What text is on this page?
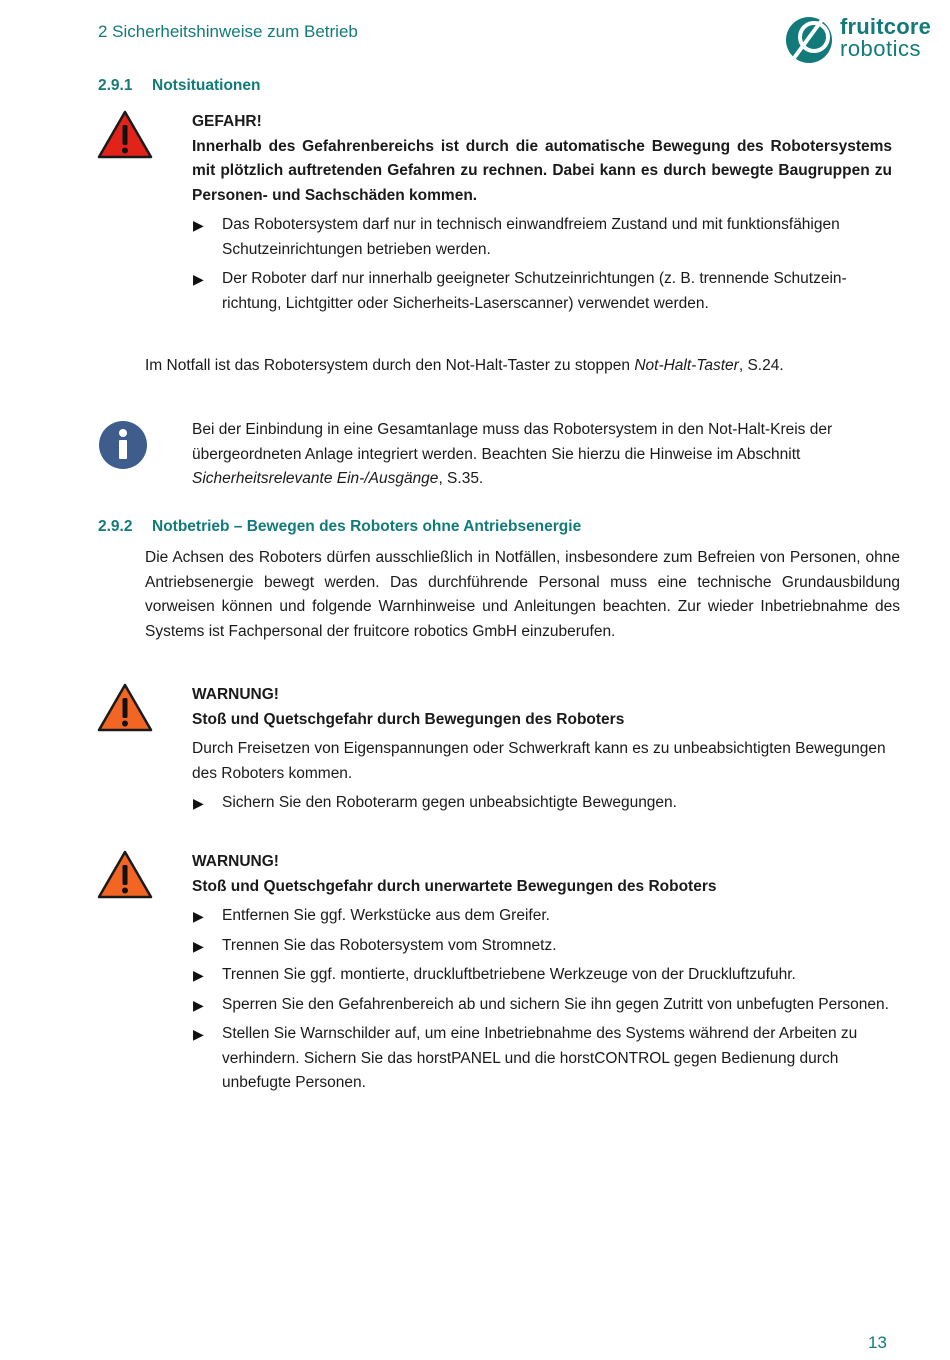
2 Sicherheitshinweise zum Betrieb	fruitcore
robotics
2.9.1 Notsituationen

GEFAHR!

Innerhalb des Gefahrenbereichs ist durch die automatische Bewegung des Robotersystems mit plötzlich auftretenden Gefahren zu rechnen. Dabei kann es durch bewegte Baugruppen zu Personen- und Sachschäden kommen.

▶ Das Robotersystem darf nur in technisch einwandfreiem Zustand und mit funktionsfähigen Schutzeinrichtungen betrieben werden.
▶ Der Roboter darf nur innerhalb geeigneter Schutzeinrichtungen (z. B. trennende Schutzeinrichtung, Lichtgitter oder Sicherheits-Laserscanner) verwendet werden.

Im Notfall ist das Robotersystem durch den Not-Halt-Taster zu stoppen Not-Halt-Taster, S.24.

Bei der Einbindung in eine Gesamtanlage muss das Robotersystem in den Not-Halt-Kreis der übergeordneten Anlage integriert werden. Beachten Sie hierzu die Hinweise im Abschnitt Sicherheitsrelevante Ein-/Ausgänge, S.35.

2.9.2 Notbetrieb – Bewegen des Roboters ohne Antriebsenergie

Die Achsen des Roboters dürfen ausschließlich in Notfällen, insbesondere zum Befreien von Personen, ohne Antriebsenergie bewegt werden. Das durchführende Personal muss eine technische Grundausbildung vorweisen können und folgende Warnhinweise und Anleitungen beachten. Zur wieder Inbetriebnahme des Systems ist Fachpersonal der fruitcore robotics GmbH einzuberufen.

WARNUNG!

Stoß und Quetschgefahr durch Bewegungen des Roboters

Durch Freisetzen von Eigenspannungen oder Schwerkraft kann es zu unbeabsichtigten Bewegungen des Roboters kommen.

▶ Sichern Sie den Roboterarm gegen unbeabsichtigte Bewegungen.

WARNUNG!

Stoß und Quetschgefahr durch unerwartete Bewegungen des Roboters

▶ Entfernen Sie ggf. Werkstücke aus dem Greifer.
▶ Trennen Sie das Robotersystem vom Stromnetz.
▶ Trennen Sie ggf. montierte, druckluftbetriebene Werkzeuge von der Druckluftzufuhr.
▶ Sperren Sie den Gefahrenbereich ab und sichern Sie ihn gegen Zutritt von unbefugten Personen.
▶ Stellen Sie Warnschilder auf, um eine Inbetriebnahme des Systems während der Arbeiten zu verhindern. Sichern Sie das horstPANEL und die horstCONTROL gegen Bedienung durch unbefugte Personen.
13
